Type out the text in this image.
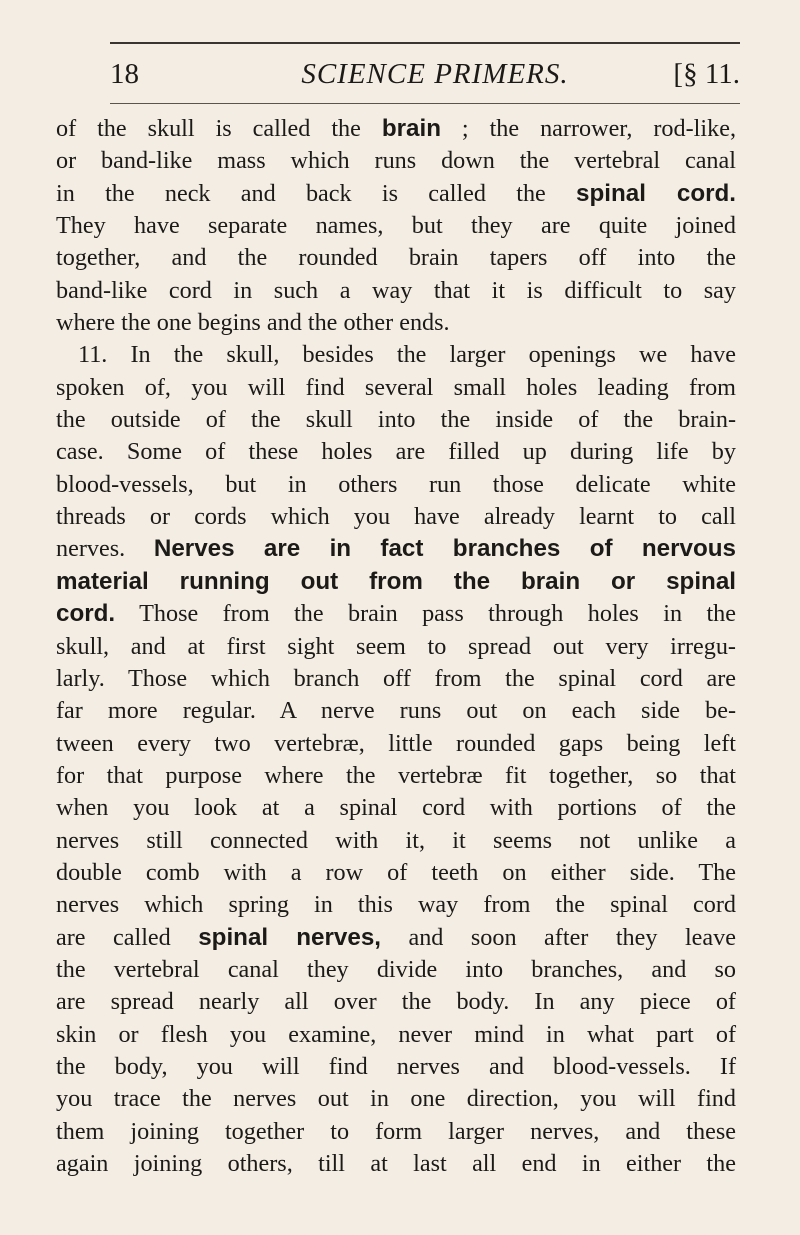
18	SCIENCE PRIMERS.	[§ 11.
of the skull is called the brain ; the narrower, rod-like,
or band-like mass which runs down the vertebral canal
in the neck and back is called the spinal cord.
They have separate names, but they are quite joined
together, and the rounded brain tapers off into the
band-like cord in such a way that it is difficult to say
where the one begins and the other ends.
11. In the skull, besides the larger openings we have
spoken of, you will find several small holes leading from
the outside of the skull into the inside of the brain-
case. Some of these holes are filled up during life by
blood-vessels, but in others run those delicate white
threads or cords which you have already learnt to call
nerves. Nerves are in fact branches of nervous
material running out from the brain or spinal
cord. Those from the brain pass through holes in the
skull, and at first sight seem to spread out very irregu-
larly. Those which branch off from the spinal cord are
far more regular. A nerve runs out on each side be-
tween every two vertebræ, little rounded gaps being left
for that purpose where the vertebræ fit together, so that
when you look at a spinal cord with portions of the
nerves still connected with it, it seems not unlike a
double comb with a row of teeth on either side. The
nerves which spring in this way from the spinal cord
are called spinal nerves, and soon after they leave
the vertebral canal they divide into branches, and so
are spread nearly all over the body. In any piece of
skin or flesh you examine, never mind in what part of
the body, you will find nerves and blood-vessels. If
you trace the nerves out in one direction, you will find
them joining together to form larger nerves, and these
again joining others, till at last all end in either the
